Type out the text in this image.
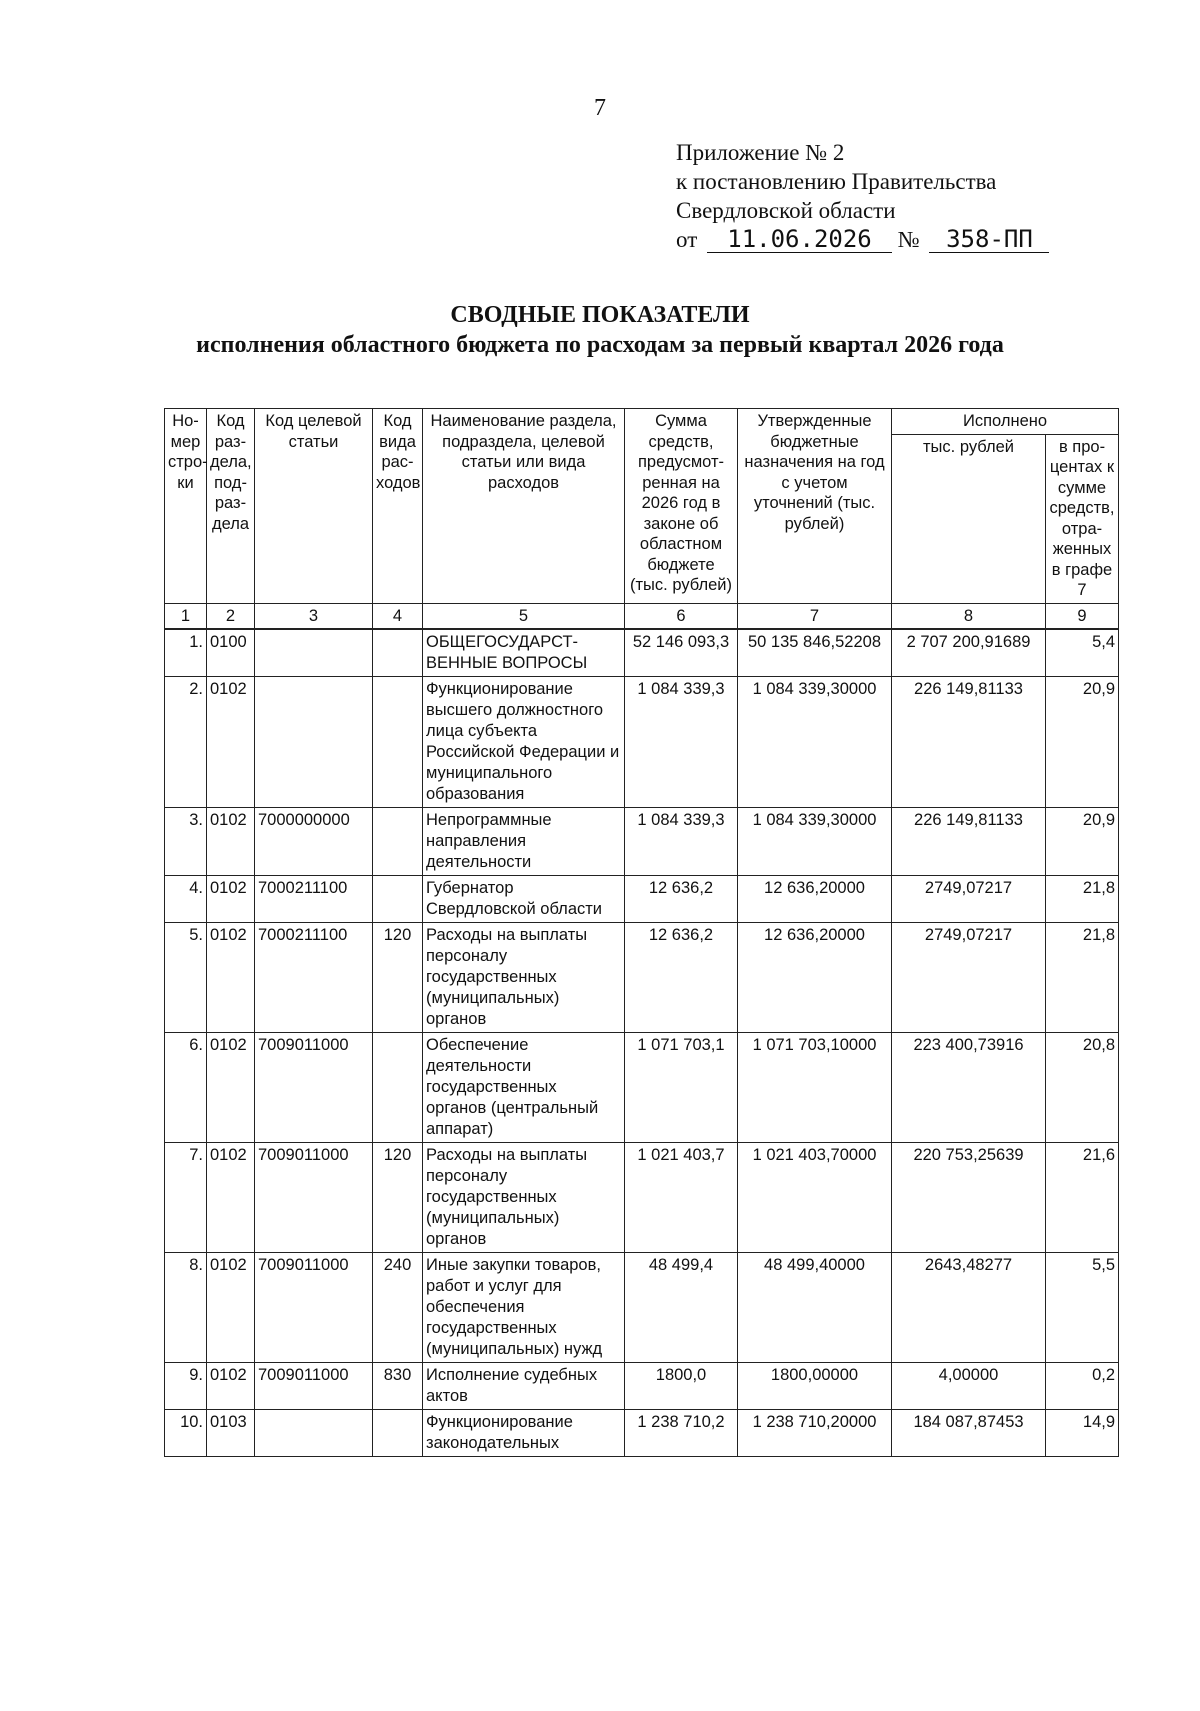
7
Приложение № 2
к постановлению Правительства
Свердловской области
от 11.06.2026 № 358-ПП
СВОДНЫЕ ПОКАЗАТЕЛИ
исполнения областного бюджета по расходам за первый квартал 2026 года
Но- мер стро- ки	Код раз- дела, под- раз- дела	Код целевой статьи	Код вида рас- ходов	Наименование раздела, подраздела, целевой статьи или вида расходов	Сумма средств, предусмот- ренная на 2026 год в законе об областном бюджете (тыс. рублей)	Утвержденные бюджетные назначения на год с учетом уточнений (тыс. рублей)	Исполнено	
							тыс. рублей	в про- центах к сумме средств, отра- женных в графе 7
1	2	3	4	5	6	7	8	9
1.	0100			ОБЩЕГОСУДАРСТ- ВЕННЫЕ ВОПРОСЫ	52 146 093,3	50 135 846,52208	2 707 200,91689	5,4
2.	0102			Функционирование высшего должностного лица субъекта Российской Федерации и муниципального образования	1 084 339,3	1 084 339,30000	226 149,81133	20,9
3.	0102	7000000000		Непрограммные направления деятельности	1 084 339,3	1 084 339,30000	226 149,81133	20,9
4.	0102	7000211100		Губернатор Свердловской области	12 636,2	12 636,20000	2749,07217	21,8
5.	0102	7000211100	120	Расходы на выплаты персоналу государственных (муниципальных) органов	12 636,2	12 636,20000	2749,07217	21,8
6.	0102	7009011000		Обеспечение деятельности государственных органов (центральный аппарат)	1 071 703,1	1 071 703,10000	223 400,73916	20,8
7.	0102	7009011000	120	Расходы на выплаты персоналу государственных (муниципальных) органов	1 021 403,7	1 021 403,70000	220 753,25639	21,6
8.	0102	7009011000	240	Иные закупки товаров, работ и услуг для обеспечения государственных (муниципальных) нужд	48 499,4	48 499,40000	2643,48277	5,5
9.	0102	7009011000	830	Исполнение судебных актов	1800,0	1800,00000	4,00000	0,2
10.	0103			Функционирование законодательных	1 238 710,2	1 238 710,20000	184 087,87453	14,9
